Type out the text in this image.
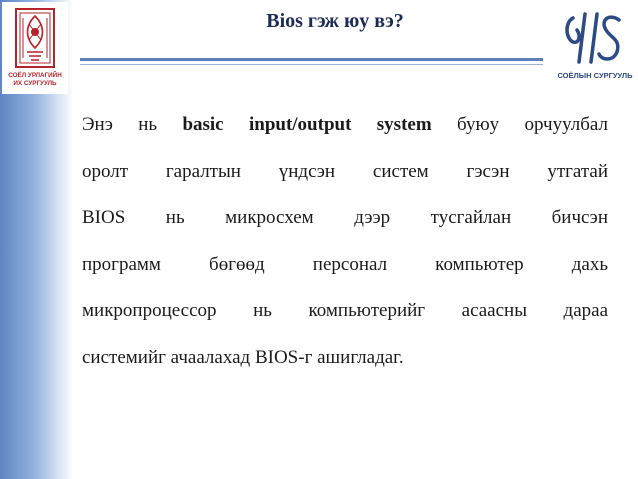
СОЁЛ УРЛАГИЙН
ИХ СУРГУУЛЬ
Bios гэж юу вэ?
СОЁЛЫН СУРГУУЛЬ
Энэ нь basic input/output system буюу орчуулбал
оролт гаралтын үндсэн систем гэсэн утгатай
BIOS нь микросхем дээр тусгайлан бичсэн
программ бөгөөд персонал компьютер дахь
микропроцессор нь компьютерийг асаасны дараа
системийг ачаалахад BIOS-г ашигладаг.
